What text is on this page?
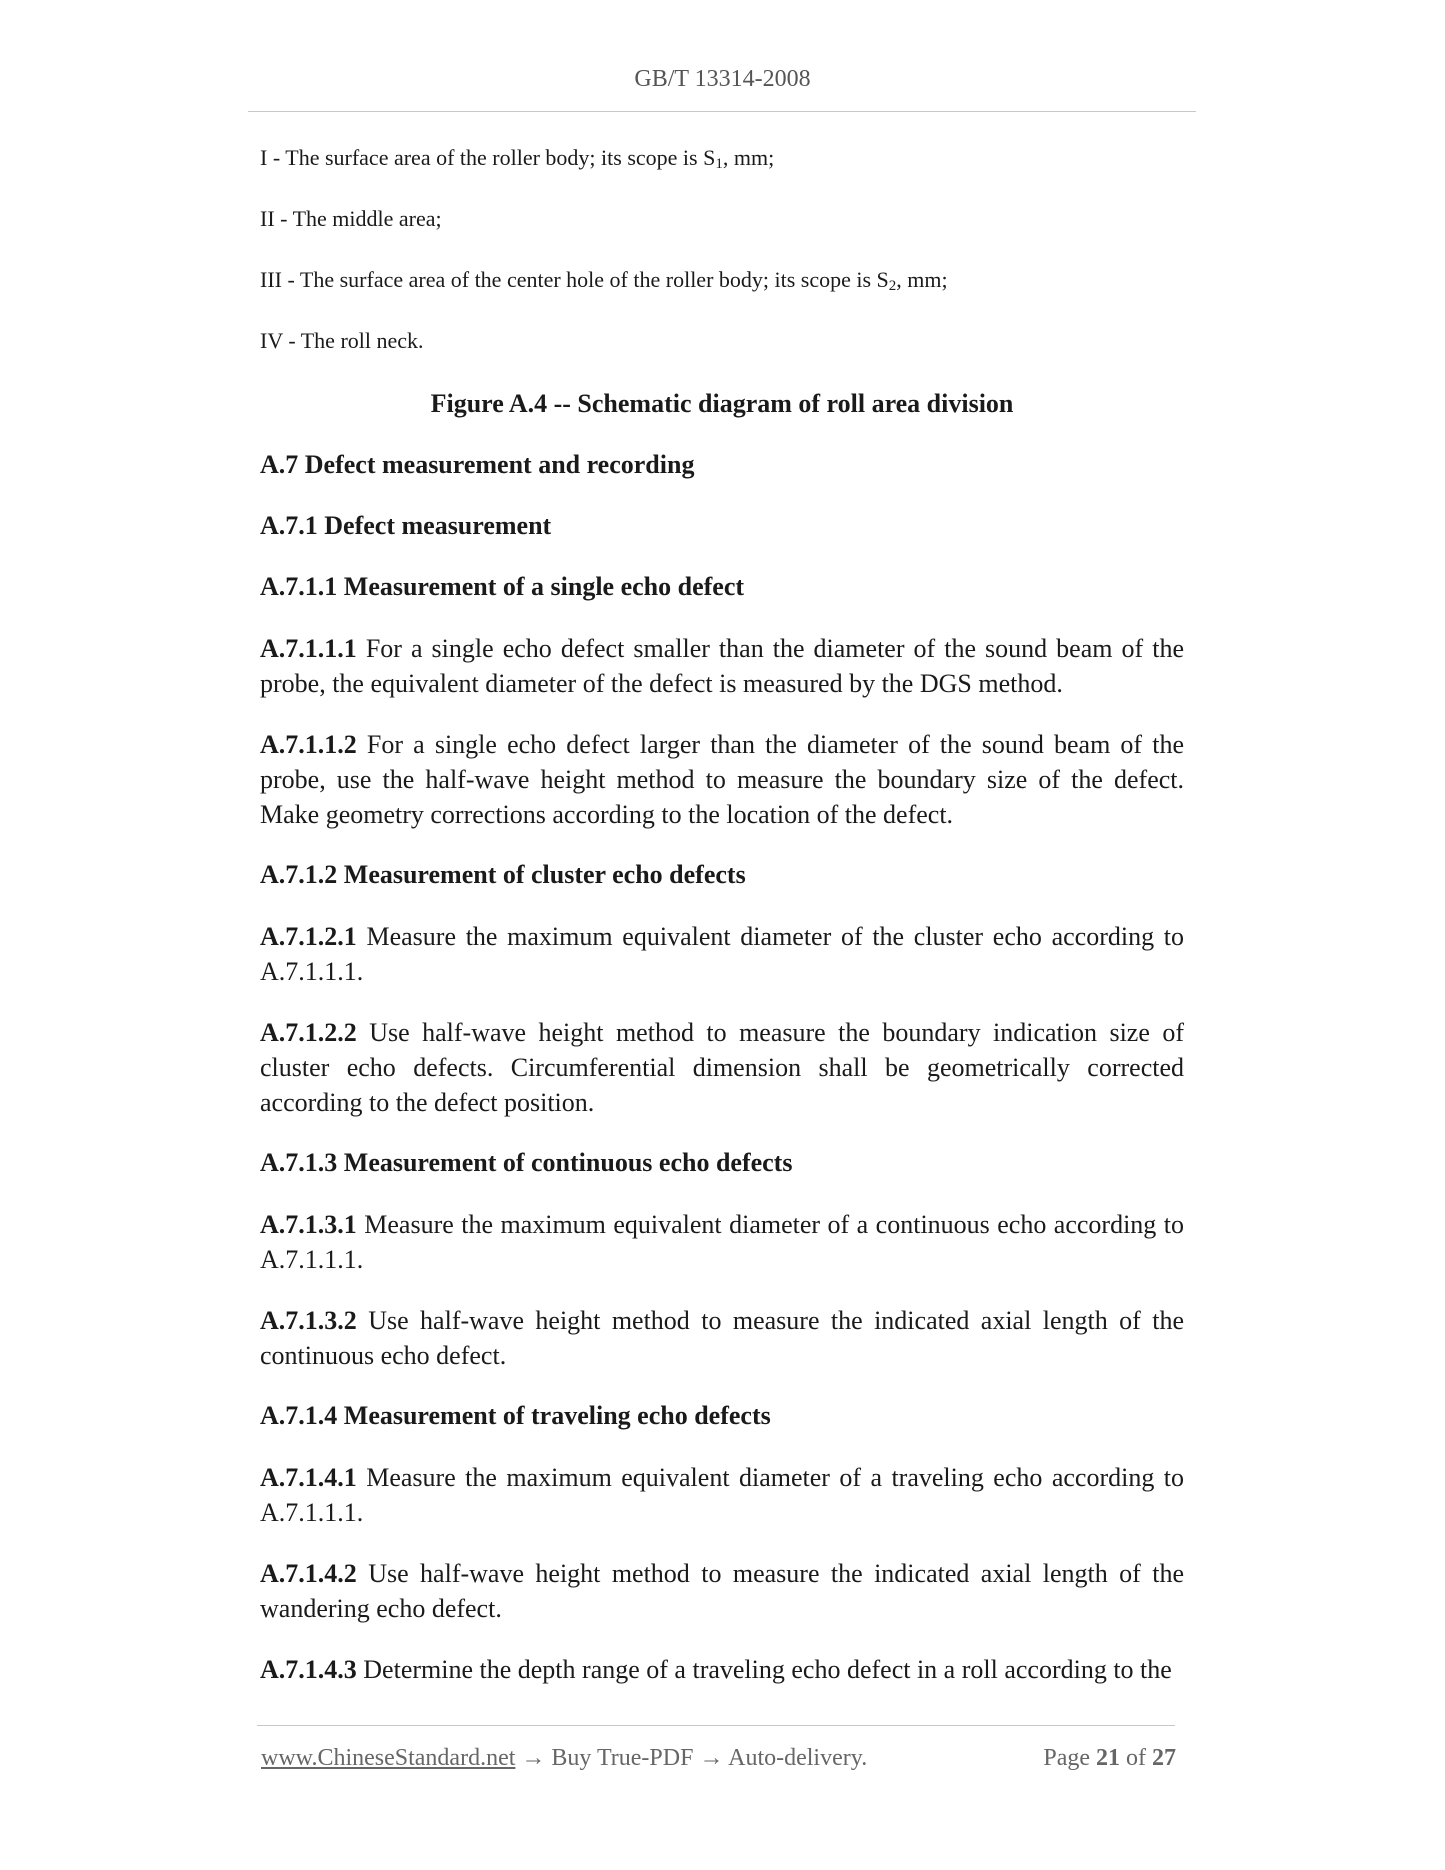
GB/T 13314-2008
I - The surface area of the roller body; its scope is $S_1$, mm;
II - The middle area;
III - The surface area of the center hole of the roller body; its scope is $S_2$, mm;
IV - The roll neck.
Figure A.4 -- Schematic diagram of roll area division
A.7 Defect measurement and recording
A.7.1 Defect measurement
A.7.1.1 Measurement of a single echo defect
A.7.1.1.1 For a single echo defect smaller than the diameter of the sound beam of the probe, the equivalent diameter of the defect is measured by the DGS method.
A.7.1.1.2 For a single echo defect larger than the diameter of the sound beam of the probe, use the half-wave height method to measure the boundary size of the defect. Make geometry corrections according to the location of the defect.
A.7.1.2 Measurement of cluster echo defects
A.7.1.2.1 Measure the maximum equivalent diameter of the cluster echo according to A.7.1.1.1.
A.7.1.2.2 Use half-wave height method to measure the boundary indication size of cluster echo defects. Circumferential dimension shall be geometrically corrected according to the defect position.
A.7.1.3 Measurement of continuous echo defects
A.7.1.3.1 Measure the maximum equivalent diameter of a continuous echo according to A.7.1.1.1.
A.7.1.3.2 Use half-wave height method to measure the indicated axial length of the continuous echo defect.
A.7.1.4 Measurement of traveling echo defects
A.7.1.4.1 Measure the maximum equivalent diameter of a traveling echo according to A.7.1.1.1.
A.7.1.4.2 Use half-wave height method to measure the indicated axial length of the wandering echo defect.
A.7.1.4.3 Determine the depth range of a traveling echo defect in a roll according to the
www.ChineseStandard.net → Buy True-PDF → Auto-delivery.	Page 21 of 27
